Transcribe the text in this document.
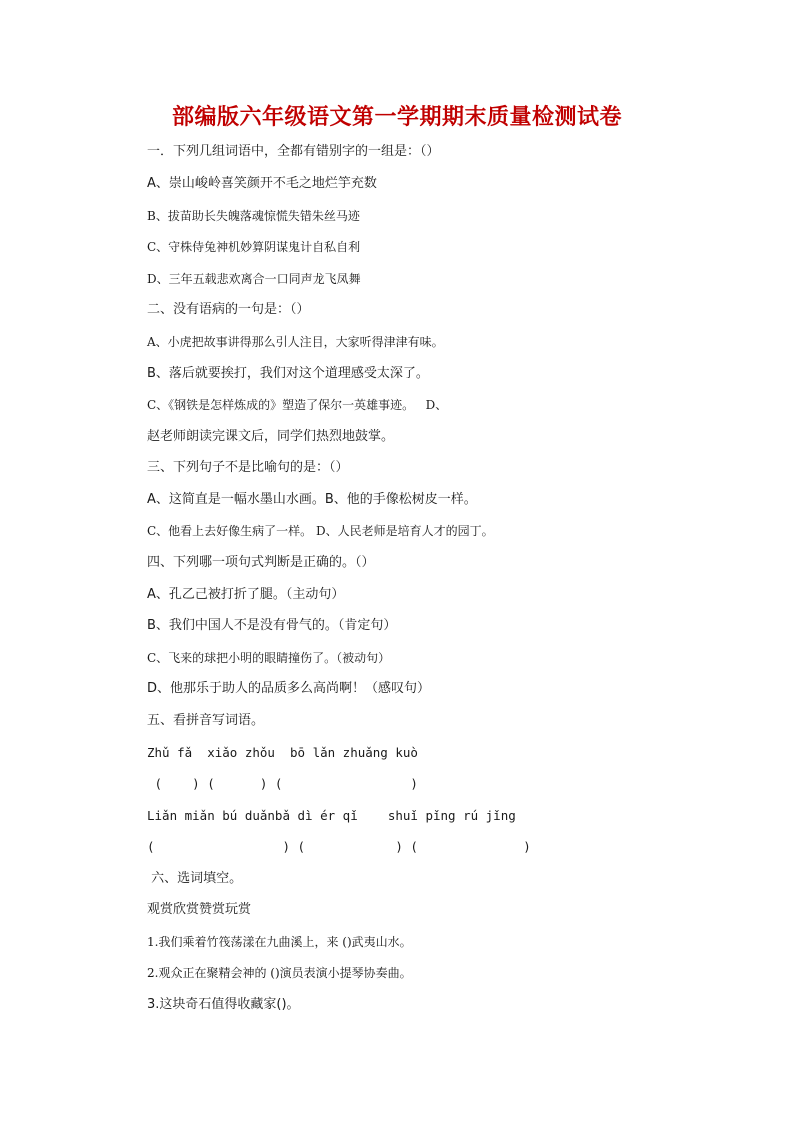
部编版六年级语文第一学期期末质量检测试卷
一．下列几组词语中，全都有错别字的一组是：（）
A、崇山峻岭喜笑颜开不毛之地烂竽充数
B、拔苗助长失魄落魂惊慌失错朱丝马迹
C、守株侍兔神机妙算阴谋鬼计自私自利
D、三年五载悲欢离合一口同声龙飞凤舞
二、没有语病的一句是：（）
A、小虎把故事讲得那么引人注目，大家听得津津有味。
B、落后就要挨打，我们对这个道理感受太深了。
C、《钢铁是怎样炼成的》塑造了保尔一英雄事迹。   D、
赵老师朗读完课文后，同学们热烈地鼓掌。
三、下列句子不是比喻句的是：（）
A、这简直是一幅水墨山水画。B、他的手像松树皮一样。
C、他看上去好像生病了一样。 D、人民老师是培育人才的园丁。
四、下列哪一项句式判断是正确的。（）
A、孔乙己被打折了腿。（主动句）
B、我们中国人不是没有骨气的。（肯定句）
C、飞来的球把小明的眼睛撞伤了。（被动句）
D、他那乐于助人的品质多么高尚啊！（感叹句）
五、看拼音写词语。
Zhǔ fǎ  xiǎo zhǒu  bō lǎn zhuǎng kuò
(    ) (      ) (                 )
Liǎn miǎn bú duǎnbǎ dì ér qǐ    shuǐ pǐng rú jǐng
(                 ) (            ) (              )
六、选词填空。
观赏欣赏赞赏玩赏
1.我们乘着竹筏荡漾在九曲溪上，来 ()武夷山水。
2.观众正在聚精会神的 ()演员表演小提琴协奏曲。
3.这块奇石值得收藏家()。
